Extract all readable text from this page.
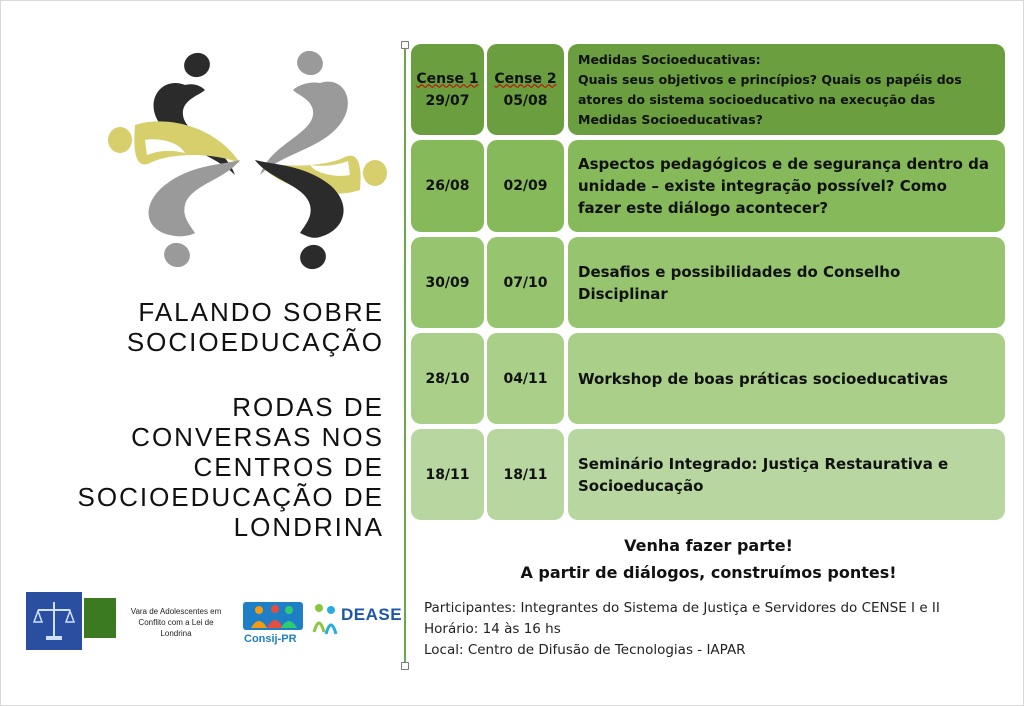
FALANDO SOBRE
SOCIOEDUCAÇÃO
RODAS DE
CONVERSAS NOS
CENTROS DE
SOCIOEDUCAÇÃO DE
LONDRINA
Cense 1
29/07
Cense 2
05/08
Medidas Socioeducativas:
Quais seus objetivos e princípios? Quais os papéis dos atores do sistema socioeducativo na execução das Medidas Socioeducativas?
26/08 02/09
Aspectos pedagógicos e de segurança dentro da unidade – existe integração possível? Como fazer este diálogo acontecer?
30/09 07/10
Desafios e possibilidades do Conselho Disciplinar
28/10 04/11 Workshop de boas práticas socioeducativas
18/11 18/11
Seminário Integrado: Justiça Restaurativa e Socioeducação
Venha fazer parte!
A partir de diálogos, construímos pontes!
Participantes: Integrantes do Sistema de Justiça e Servidores do CENSE I e II
Horário: 14 às 16 hs
Local: Centro de Difusão de Tecnologias - IAPAR
Vara de Adolescentes em Conflito com a Lei de Londrina	Consij-PR
DEASE
